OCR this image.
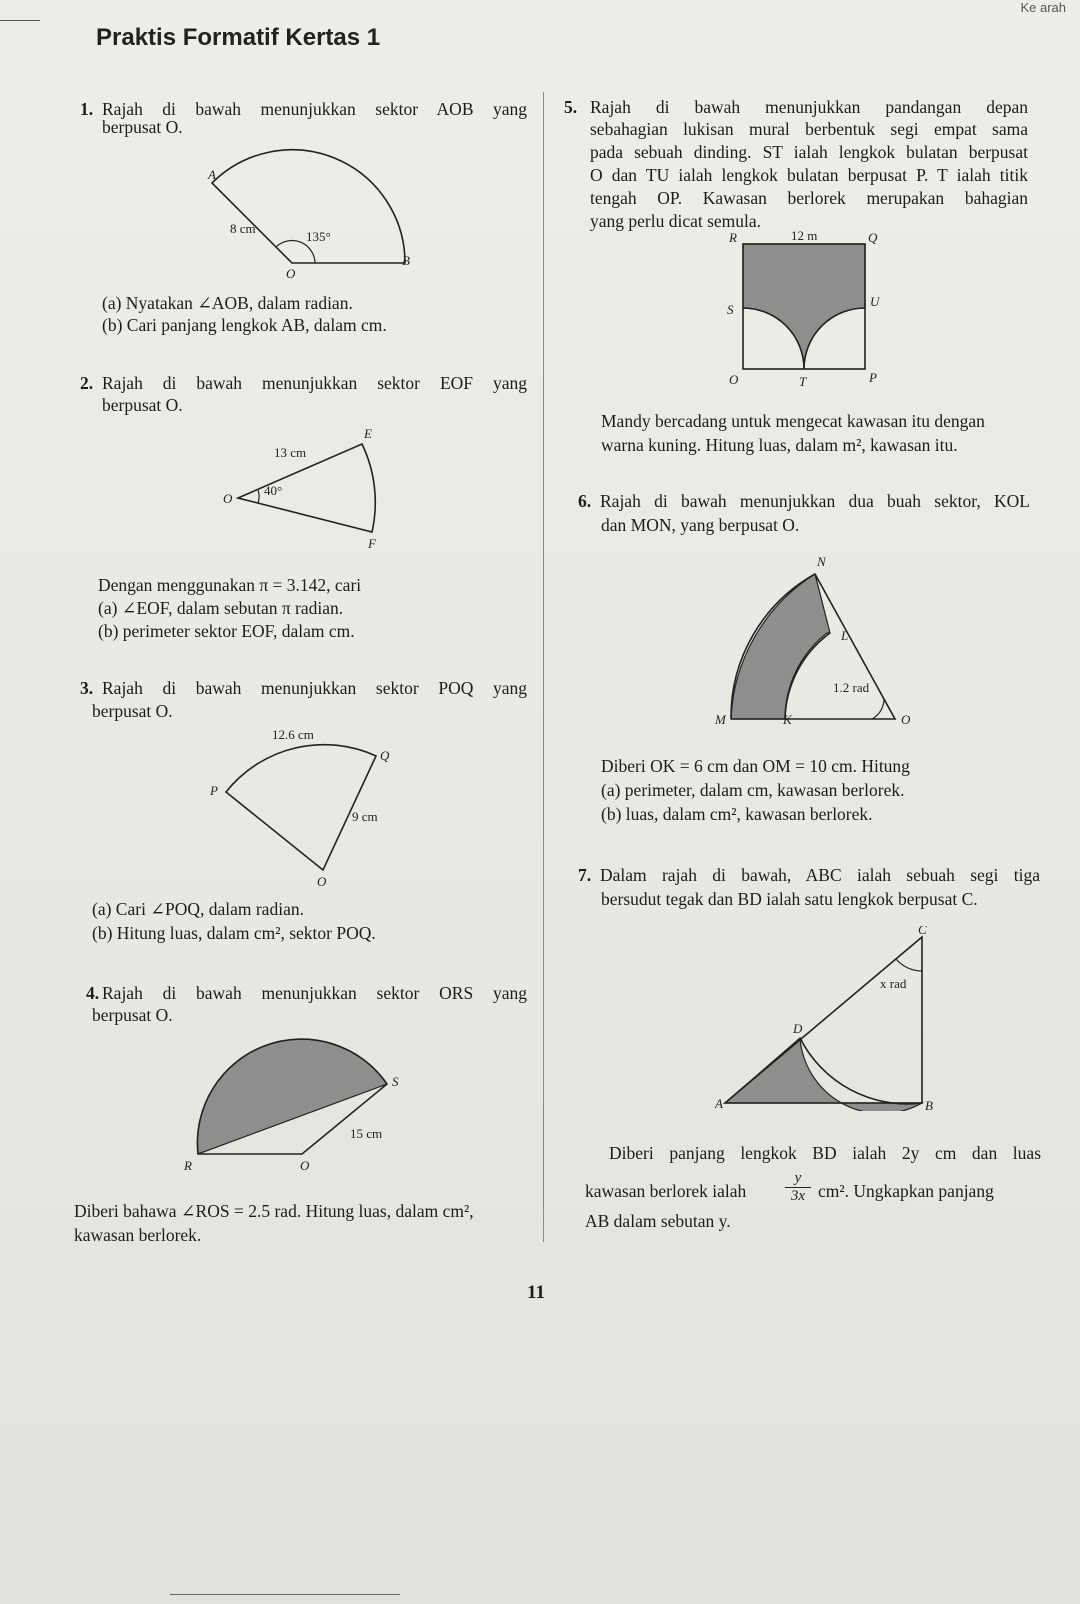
Ke arah
Praktis Formatif Kertas 1
1. Rajah di bawah menunjukkan sektor AOB yang
berpusat O.
A
O
B
8 cm
135°
(a) Nyatakan ∠AOB, dalam radian.
(b) Cari panjang lengkok AB, dalam cm.
2. Rajah di bawah menunjukkan sektor EOF yang
berpusat O.
E
O
F
13 cm
40°
Dengan menggunakan π = 3.142, cari
(a) ∠EOF, dalam sebutan π radian.
(b) perimeter sektor EOF, dalam cm.
3. Rajah di bawah menunjukkan sektor POQ yang
berpusat O.
12.6 cm
Q
P
9 cm
O
(a) Cari ∠POQ, dalam radian.
(b) Hitung luas, dalam cm², sektor POQ.
4. Rajah di bawah menunjukkan sektor ORS yang
berpusat O.
S
15 cm
R	O
Diberi bahawa ∠ROS = 2.5 rad. Hitung luas, dalam cm²,
kawasan berlorek.
5. Rajah di bawah menunjukkan pandangan depan
sebahagian lukisan mural berbentuk segi empat sama
pada sebuah dinding. ST ialah lengkok bulatan berpusat
O dan TU ialah lengkok bulatan berpusat P. T ialah titik
tengah OP. Kawasan berlorek merupakan bahagian
yang perlu dicat semula.
R	12 m	Q
S
U
O	T	P
Mandy bercadang untuk mengecat kawasan itu dengan
warna kuning. Hitung luas, dalam m², kawasan itu.
6. Rajah di bawah menunjukkan dua buah sektor, KOL
dan MON, yang berpusat O.
N
L
1.2 rad
M	K	O
Diberi OK = 6 cm dan OM = 10 cm. Hitung
(a) perimeter, dalam cm, kawasan berlorek.
(b) luas, dalam cm², kawasan berlorek.
7. Dalam rajah di bawah, ABC ialah sebuah segi tiga
bersudut tegak dan BD ialah satu lengkok berpusat C.
C
x rad
D
A	B
Diberi panjang lengkok BD ialah 2y cm dan luas
kawasan berlorek ialah
y
3x cm². Ungkapkan panjang
AB dalam sebutan y.
11
